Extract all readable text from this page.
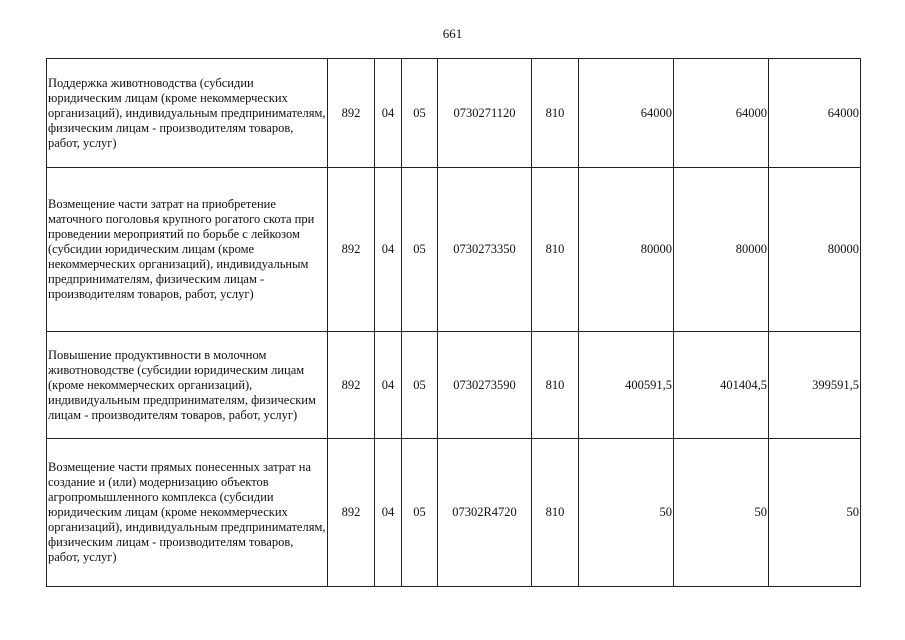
661
Поддержка животноводства (субсидии юридическим лицам (кроме некоммерческих организаций), индивидуальным предпринимателям, физическим лицам - производителям товаров, работ, услуг)	892	04	05	0730271120	810	64000	64000	64000
Возмещение части затрат на приобретение маточного поголовья крупного рогатого скота при проведении мероприятий по борьбе с лейкозом (субсидии юридическим лицам (кроме некоммерческих организаций), индивидуальным предпринимателям, физическим лицам - производителям товаров, работ, услуг)	892	04	05	0730273350	810	80000	80000	80000
Повышение продуктивности в молочном животноводстве (субсидии юридическим лицам (кроме некоммерческих организаций), индивидуальным предпринимателям, физическим лицам - производителям товаров, работ, услуг)	892	04	05	0730273590	810	400591,5	401404,5	399591,5
Возмещение части прямых понесенных затрат на создание и (или) модернизацию объектов агропромышленного комплекса (субсидии юридическим лицам (кроме некоммерческих организаций), индивидуальным предпринимателям, физическим лицам - производителям товаров, работ, услуг)	892	04	05	07302R4720	810	50	50	50
